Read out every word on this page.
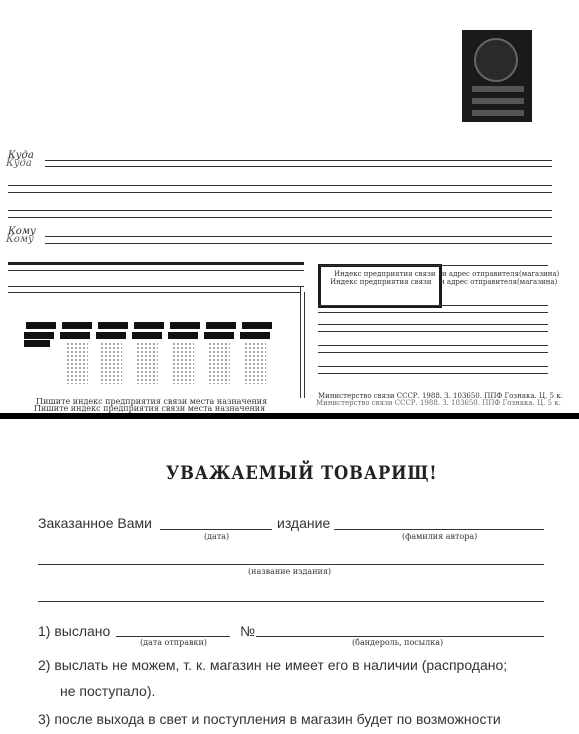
Куда
Куда
Кому
Кому
Индекс предприятия связи
Индекс предприятия связи
и адрес отправителя(магазина)
и адрес отправителя(магазина)
Пишите индекс предприятия связи места назначения
Пишите индекс предприятия связи места назначения
Министерство связи СССР. 1988. З. 103650. ППФ Гознака. Ц. 5 к.
Министерство связи СССР. 1988. З. 103650. ППФ Гознака. Ц. 5 к.
УВАЖАЕМЫЙ ТОВАРИЩ!
Заказанное Вами
(дата)
издание
(фамилия автора)
(название издания)
1) выслано
(дата отправки)
№
(бандероль, посылка)
2) выслать не можем, т. к. магазин не имеет его в наличии (распродано;
не поступало).
3) после выхода в свет и поступления в магазин будет по возможности
